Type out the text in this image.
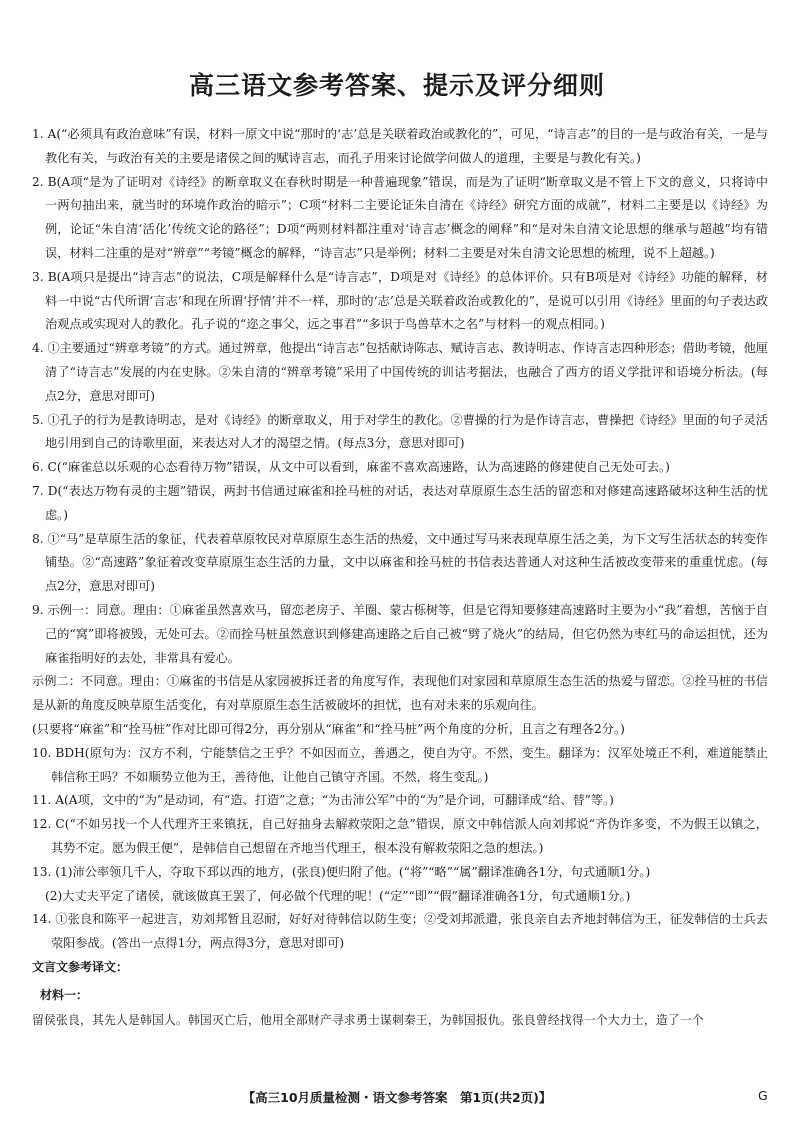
高三语文参考答案、提示及评分细则

1. A(“必须具有政治意味”有误，材料一原文中说“那时的‘志’总是关联着政治或教化的”，可见，“诗言志”的目的一是与政治有关，一是与教化有关，与政治有关的主要是诸侯之间的赋诗言志，而孔子用来讨论做学问做人的道理，主要是与教化有关。)

2. B(A项“是为了证明对《诗经》的断章取义在春秋时期是一种普遍现象”错误，而是为了证明“断章取义是不管上下文的意义，只将诗中一两句抽出来，就当时的环境作政治的暗示”；C项“材料二主要论证朱自清在《诗经》研究方面的成就”，材料二主要是以《诗经》为例，论证“朱自清‘活化’传统文论的路径”；D项“两则材料都注重对‘诗言志’概念的阐释”和“是对朱自清文论思想的继承与超越”均有错误，材料二注重的是对“辨章”“考镜”概念的解释，“诗言志”只是举例；材料二主要是对朱自清文论思想的梳理，说不上超越。)

3. B(A项只是提出“诗言志”的说法，C项是解释什么是“诗言志”，D项是对《诗经》的总体评价。只有B项是对《诗经》功能的解释，材料一中说“古代所谓‘言志’和现在所谓‘抒情’并不一样，那时的‘志’总是关联着政治或教化的”，是说可以引用《诗经》里面的句子表达政治观点或实现对人的教化。孔子说的“迩之事父，远之事君”“多识于鸟兽草木之名”与材料一的观点相同。)

4. ①主要通过“辨章考镜”的方式。通过辨章，他提出“诗言志”包括献诗陈志、赋诗言志、教诗明志、作诗言志四种形态；借助考镜，他厘清了“诗言志”发展的内在史脉。②朱自清的“辨章考镜”采用了中国传统的训诂考据法，也融合了西方的语义学批评和语境分析法。(每点2分，意思对即可)

5. ①孔子的行为是教诗明志，是对《诗经》的断章取义，用于对学生的教化。②曹操的行为是作诗言志，曹操把《诗经》里面的句子灵活地引用到自己的诗歌里面，来表达对人才的渴望之情。(每点3分，意思对即可)

6. C(“麻雀总以乐观的心态看待万物”错误，从文中可以看到，麻雀不喜欢高速路，认为高速路的修建使自己无处可去。)

7. D(“表达万物有灵的主题”错误，两封书信通过麻雀和拴马桩的对话，表达对草原原生态生活的留恋和对修建高速路破坏这种生活的忧虑。)

8. ①“马”是草原生活的象征，代表着草原牧民对草原原生态生活的热爱，文中通过写马来表现草原生活之美，为下文写生活状态的转变作铺垫。②“高速路”象征着改变草原原生态生活的力量，文中以麻雀和拴马桩的书信表达普通人对这种生活被改变带来的重重忧虑。(每点2分，意思对即可)

9. 示例一：同意。理由：①麻雀虽然喜欢马，留恋老房子、羊圈、蒙古栎树等，但是它得知要修建高速路时主要为小“我”着想，苦恼于自己的“窝”即将被毁，无处可去。②而拴马桩虽然意识到修建高速路之后自己被“劈了烧火”的结局，但它仍然为枣红马的命运担忧，还为麻雀指明好的去处，非常具有爱心。

示例二：不同意。理由：①麻雀的书信是从家园被拆迁者的角度写作，表现他们对家园和草原原生态生活的热爱与留恋。②拴马桩的书信是从新的角度反映草原生活变化，有对草原原生态生活被破坏的担忧，也有对未来的乐观向往。

(只要将“麻雀”和“拴马桩”作对比即可得2分，再分别从“麻雀”和“拴马桩”两个角度的分析，且言之有理各2分。)

10. BDH(原句为：汉方不利，宁能禁信之王乎？不如因而立，善遇之，使自为守。不然，变生。翻译为：汉军处境正不利，难道能禁止韩信称王吗？不如顺势立他为王，善待他，让他自己镇守齐国。不然，将生变乱。)

11. A(A项，文中的“为”是动词，有“造、打造”之意；“为击沛公军”中的“为”是介词，可翻译成“给、替”等。)

12. C(“不如另找一个人代理齐王来镇抚，自己好抽身去解救荥阳之急”错误，原文中韩信派人向刘邦说“齐伪诈多变，不为假王以镇之，其势不定。愿为假王便”，是韩信自己想留在齐地当代理王，根本没有解救荥阳之急的想法。)

13. (1)沛公率领几千人，夺取下邳以西的地方，(张良)便归附了他。(“将”“略”“属”翻译准确各1分，句式通顺1分。)

(2)大丈夫平定了诸侯，就该做真王罢了，何必做个代理的呢！(“定”“即”“假”翻译准确各1分，句式通顺1分。)

14. ①张良和陈平一起进言，劝刘邦暂且忍耐，好好对待韩信以防生变；②受刘邦派遣，张良亲自去齐地封韩信为王，征发韩信的士兵去荥阳参战。(答出一点得1分，两点得3分，意思对即可)

文言文参考译文：

材料一：

留侯张良，其先人是韩国人。韩国灭亡后，他用全部财产寻求勇士谋刺秦王，为韩国报仇。张良曾经找得一个大力士，造了一个

【高三10月质量检测・语文参考答案　第1页(共2页)】	G
